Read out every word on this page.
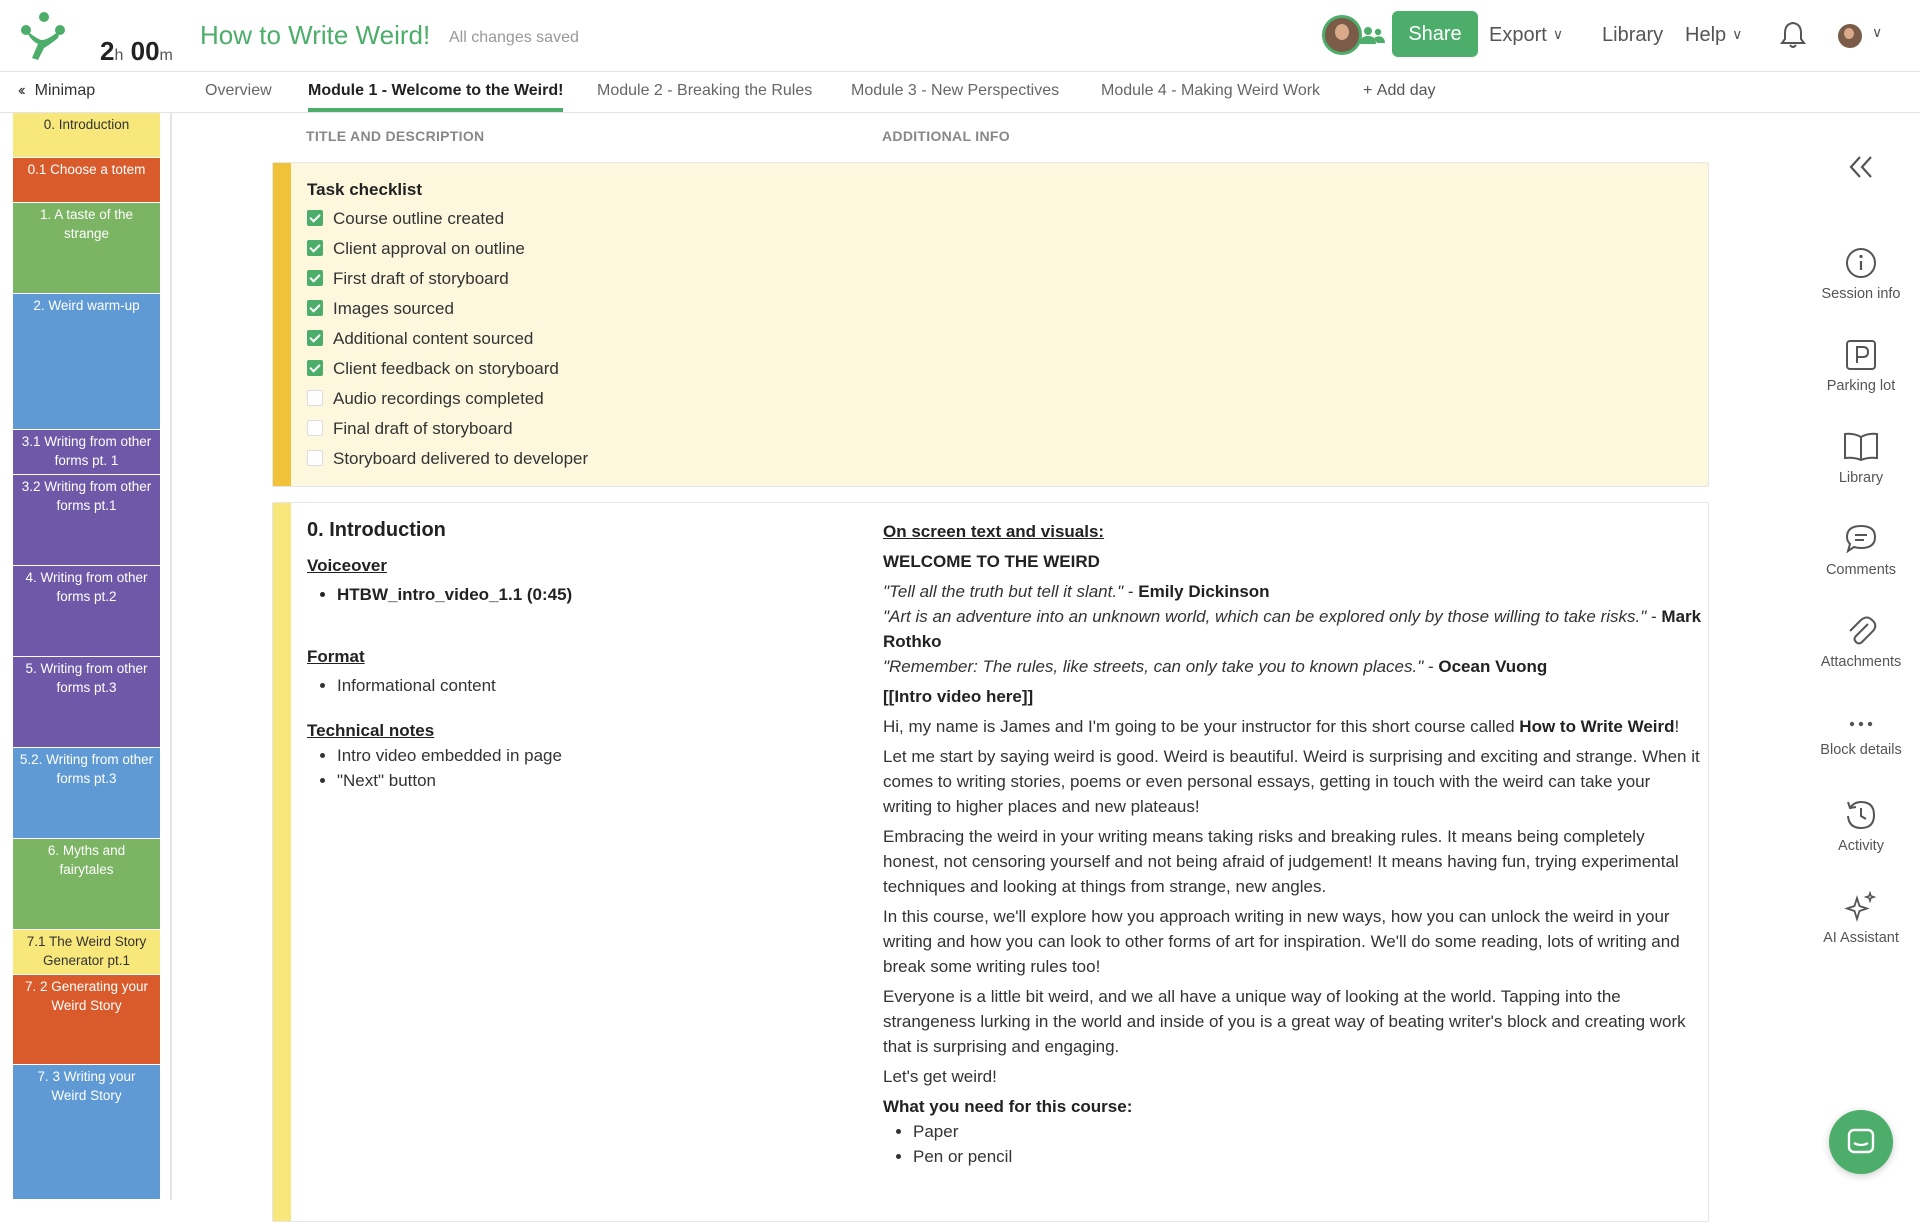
2h 00m
How to Write Weird! All changes saved	Share	Export ∨ Library Help ∨	∨
‹‹ Minimap	Overview Module 1 - Welcome to the Weird! Module 2 - Breaking the Rules Module 3 - New Perspectives	Module 4 - Making Weird Work	+ Add day
0. Introduction
0.1 Choose a totem
1. A taste of the strange
2. Weird warm-up
3.1 Writing from other forms pt. 1
3.2 Writing from other forms pt.1
4. Writing from other forms pt.2
5. Writing from other forms pt.3
5.2. Writing from other forms pt.3
6. Myths and fairytales
7.1 The Weird Story Generator pt.1
7. 2 Generating your Weird Story
7. 3 Writing your Weird Story
TITLE AND DESCRIPTION	ADDITIONAL INFO
Task checklist
Course outline created
Client approval on outline
First draft of storyboard
Images sourced
Additional content sourced
Client feedback on storyboard
Audio recordings completed
Final draft of storyboard
Storyboard delivered to developer
0. Introduction
Voiceover
• HTBW_intro_video_1.1 (0:45)
Format
• Informational content
Technical notes
• Intro video embedded in page
• "Next" button

On screen text and visuals:

WELCOME TO THE WEIRD

"Tell all the truth but tell it slant." - Emily Dickinson

"Art is an adventure into an unknown world, which can be explored only by those willing to take risks." - Mark Rothko

"Remember: The rules, like streets, can only take you to known places." - Ocean Vuong

[[Intro video here]]

Hi, my name is James and I'm going to be your instructor for this short course called How to Write Weird!

Let me start by saying weird is good. Weird is beautiful. Weird is surprising and exciting and strange. When it comes to writing stories, poems or even personal essays, getting in touch with the weird can take your writing to higher places and new plateaus!

Embracing the weird in your writing means taking risks and breaking rules. It means being completely honest, not censoring yourself and not being afraid of judgement! It means having fun, trying experimental techniques and looking at things from strange, new angles.

In this course, we'll explore how you approach writing in new ways, how you can unlock the weird in your writing and how you can look to other forms of art for inspiration. We'll do some reading, lots of writing and break some writing rules too!

Everyone is a little bit weird, and we all have a unique way of looking at the world. Tapping into the strangeness lurking in the world and inside of you is a great way of beating writer's block and creating work that is surprising and engaging.

Let's get weird!

What you need for this course:

• Paper
• Pen or pencil
Session info
Parking lot
Library
Comments
Attachments
Block details
Activity
AI Assistant
